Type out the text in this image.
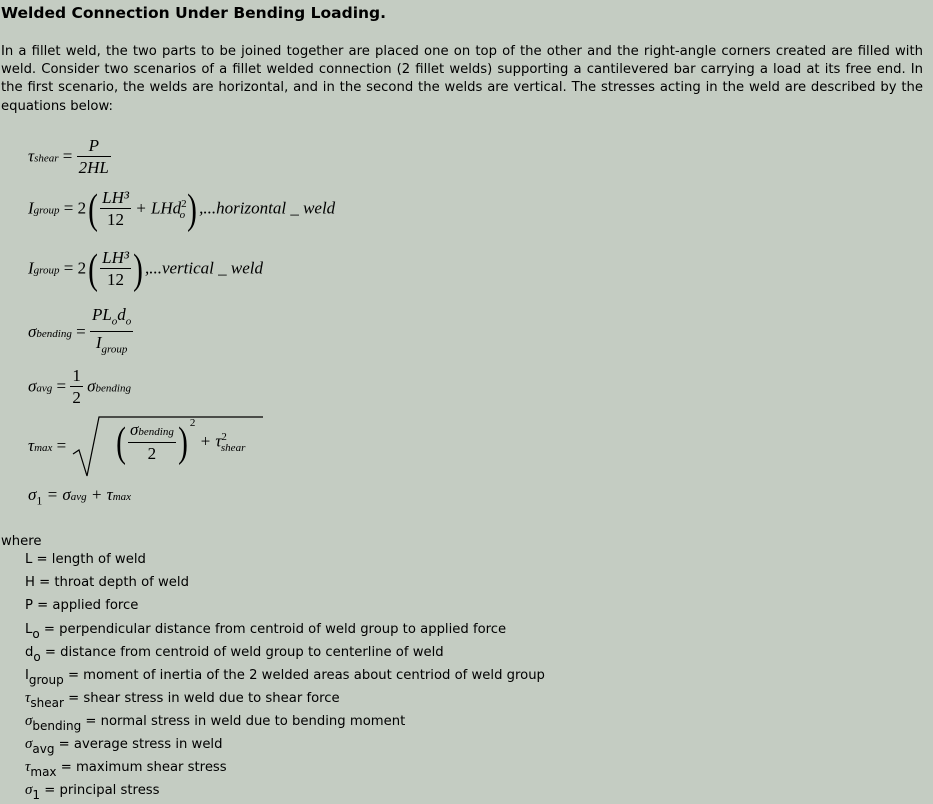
Welded Connection Under Bending Loading.
In a fillet weld, the two parts to be joined together are placed one on top of the other and the right-angle corners created are filled with weld. Consider two scenarios of a fillet welded connection (2 fillet welds) supporting a cantilevered bar carrying a load at its free end. In the first scenario, the welds are horizontal, and in the second the welds are vertical. The stresses acting in the weld are described by the equations below:
τshear = $\frac{P}{2HL}$
Igroup = $2( \frac{\text{LH³}}{12} + LHd^2_o)$ ,...horizontal _ weld
Igroup = $2( \frac{\text{LH³}}{12}$ ) ,...vertical _ weld
σbending = $\frac{PL_od_o}{I_{group}}$
$\sigma avg = \frac{1}{2}$ σbending
τmax = ( $\frac{\text{σbending}}{2}$ ) $^2 + \tau^2_{shear}$
$\sigma_1 = \sigma avg + \tau\max$
where
L = length of weld
H = throat depth of weld
P = applied force
Lo = perpendicular distance from centroid of weld group to applied force
do = distance from centroid of weld group to centerline of weld
Igroup = moment of inertia of the 2 welded areas about centriod of weld group
τshear = shear stress in weld due to shear force
σbending = normal stress in weld due to bending moment
σavg = average stress in weld
τmax = maximum shear stress
σ1 = principal stress
